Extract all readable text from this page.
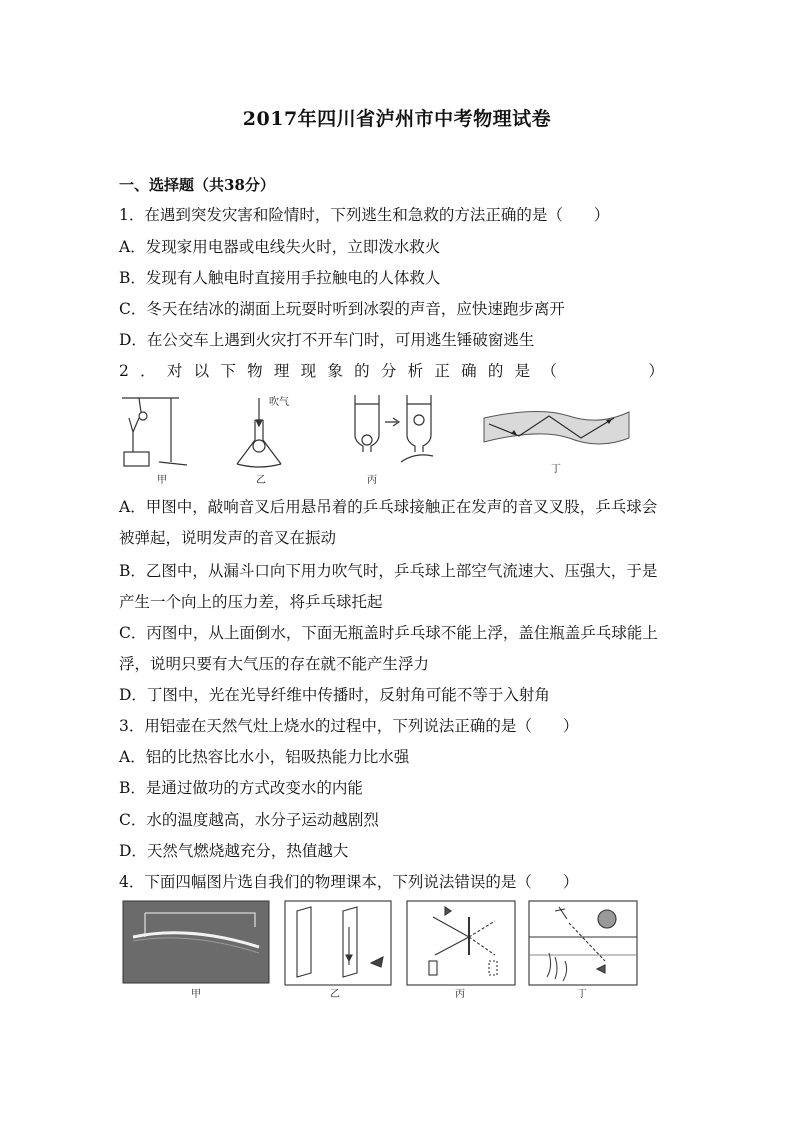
2017年四川省泸州市中考物理试卷
一、选择题（共38分）
1．在遇到突发灾害和险情时，下列逃生和急救的方法正确的是（　　）
A．发现家用电器或电线失火时，立即泼水救火
B．发现有人触电时直接用手拉触电的人体救人
C．冬天在结冰的湖面上玩耍时听到冰裂的声音，应快速跑步离开
D．在公交车上遇到火灾打不开车门时，可用逃生锤破窗逃生
2 ． 对 以 下 物 理 现 象 的 分 析 正 确 的 是 （

　	）
甲
吹气
乙	丙
丁
A．甲图中，敲响音叉后用悬吊着的乒乓球接触正在发声的音叉叉股，乒乓球会
被弹起，说明发声的音叉在振动
B．乙图中，从漏斗口向下用力吹气时，乒乓球上部空气流速大、压强大，于是
产生一个向上的压力差，将乒乓球托起
C．丙图中，从上面倒水，下面无瓶盖时乒乓球不能上浮，盖住瓶盖乒乓球能上
浮，说明只要有大气压的存在就不能产生浮力
D．丁图中，光在光导纤维中传播时，反射角可能不等于入射角
3．用铝壶在天然气灶上烧水的过程中，下列说法正确的是（　　）
A．铝的比热容比水小，铝吸热能力比水强
B．是通过做功的方式改变水的内能
C．水的温度越高，水分子运动越剧烈
D．天然气燃烧越充分，热值越大
4．下面四幅图片选自我们的物理课本，下列说法错误的是（　　）
甲	乙	丙	丁
